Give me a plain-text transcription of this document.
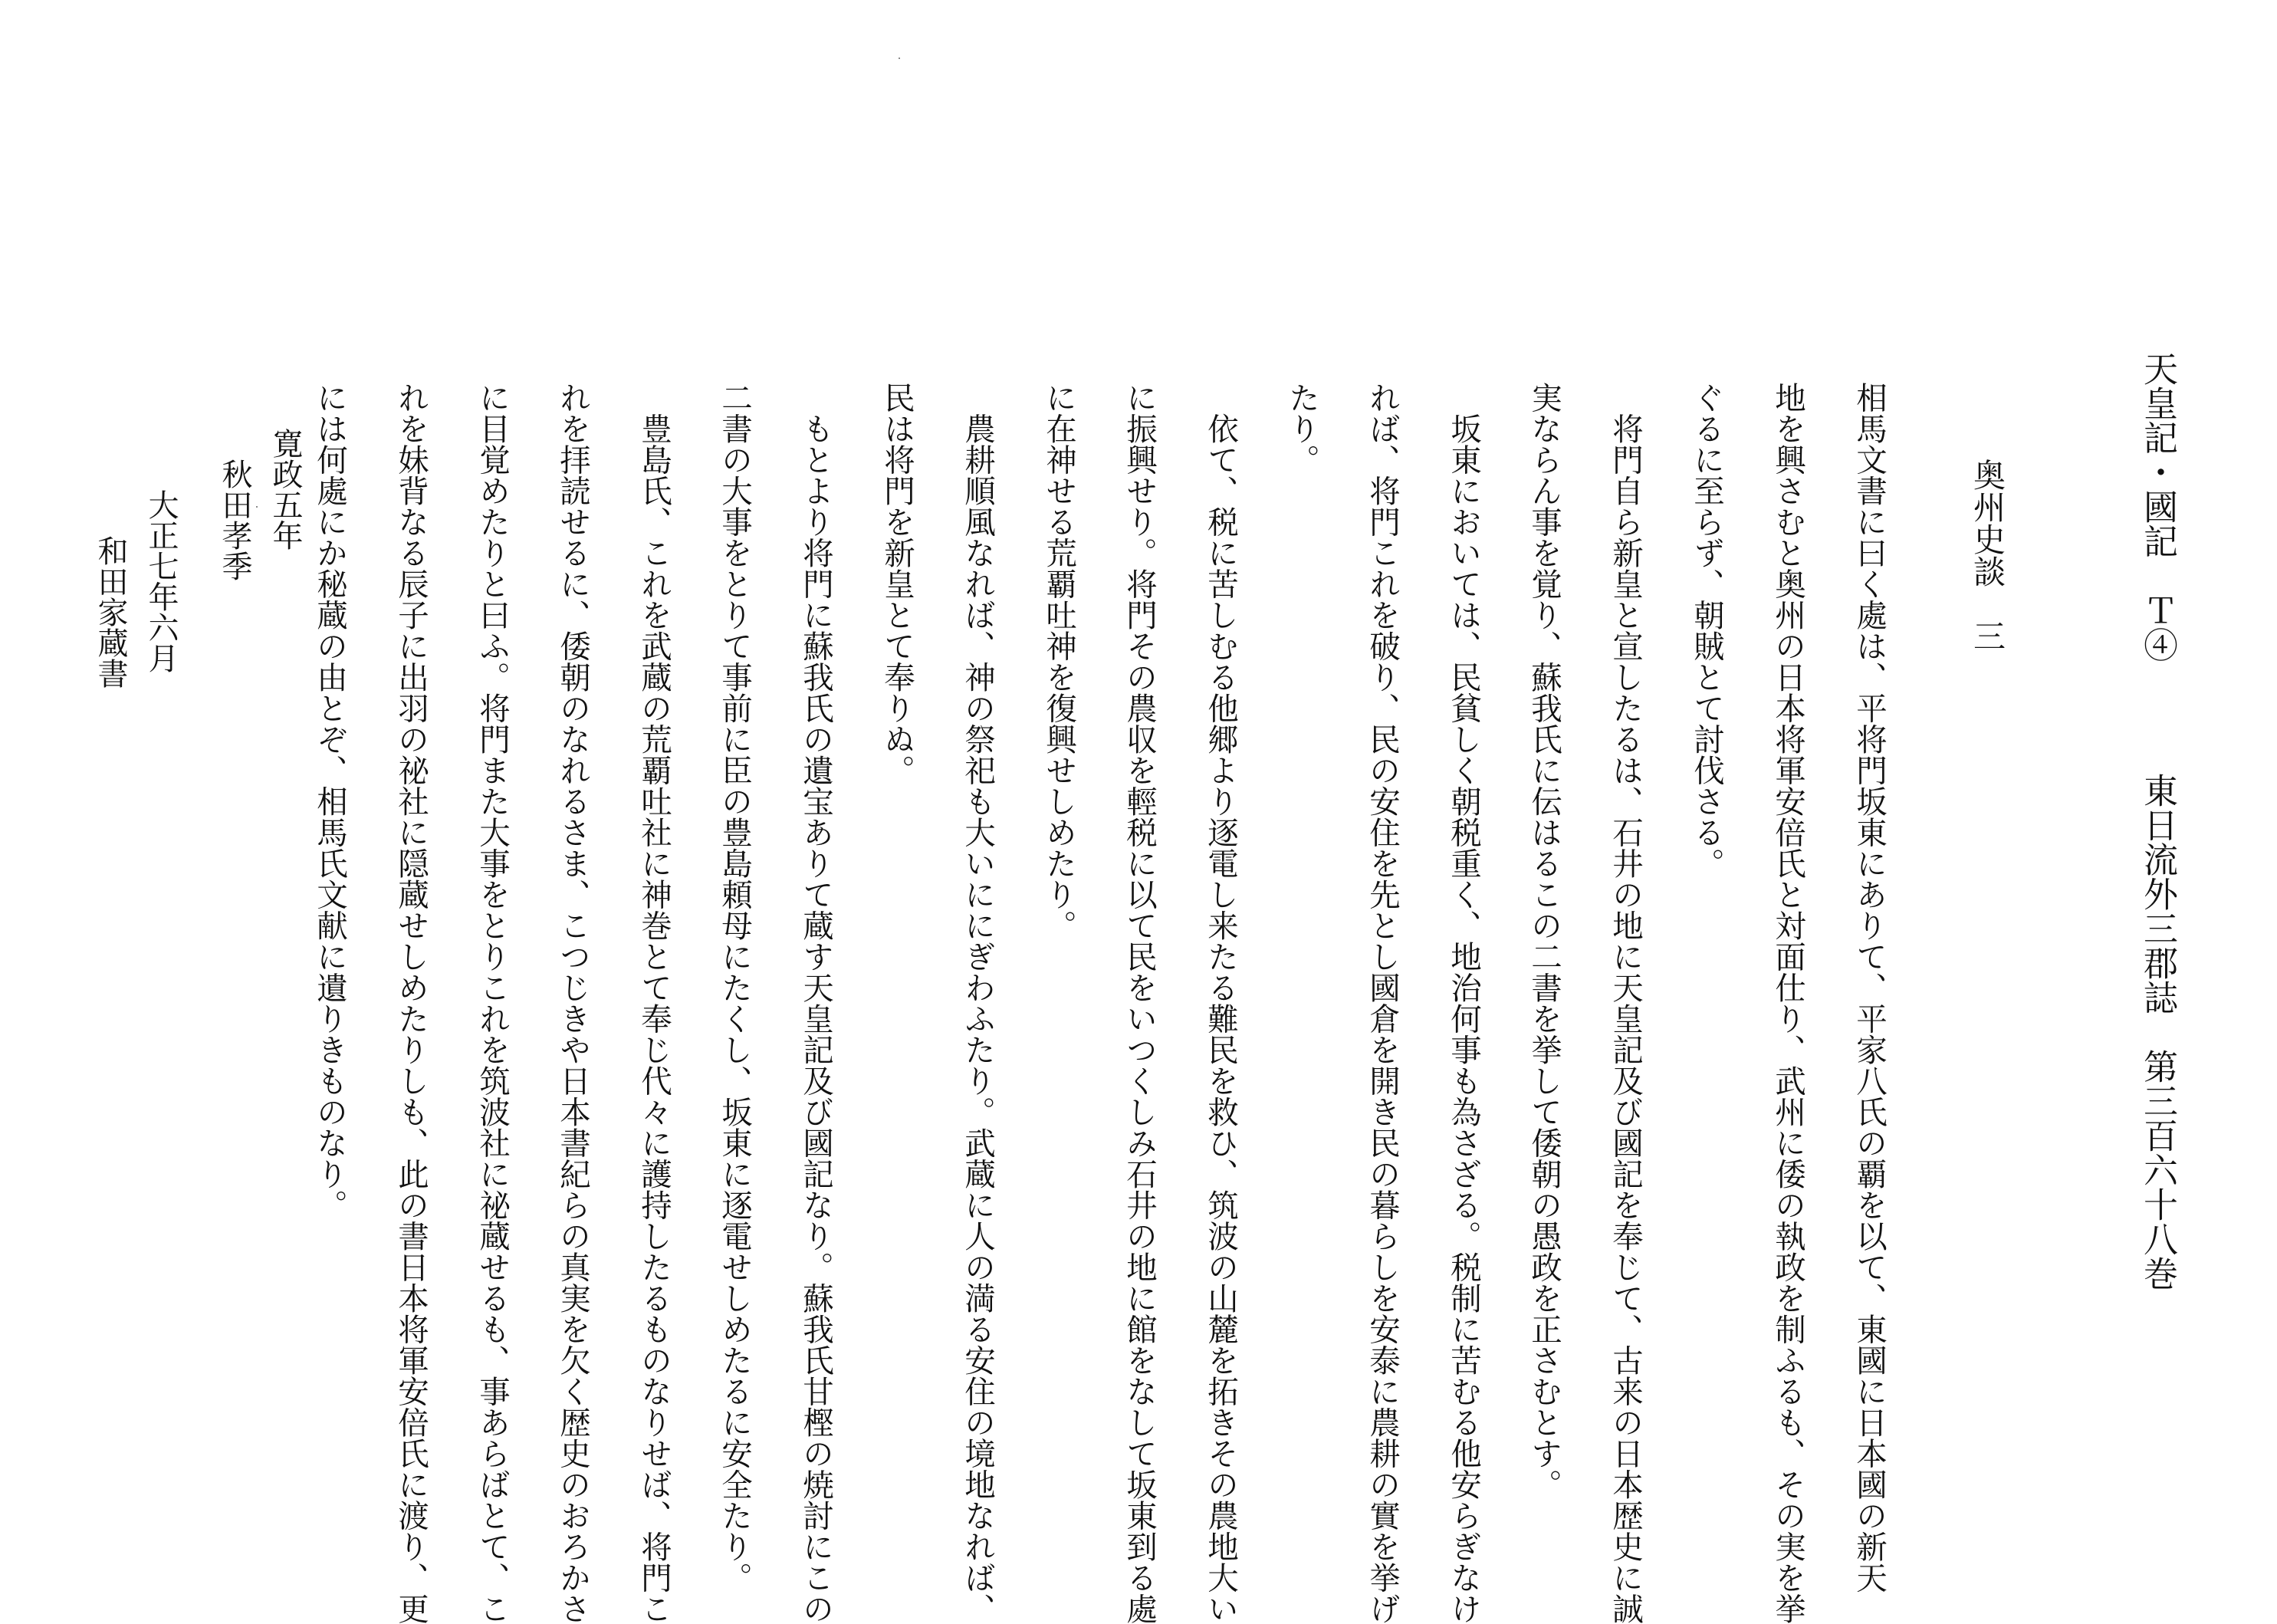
東日流外三郡誌　第三百六十八巻
天皇記・國記　Ｔ④
奥州史談　三
相馬文書に曰く處は、平将門坂東にありて、平家八氏の覇を以て、東國に日本國の新天
地を興さむと奥州の日本将軍安倍氏と対面仕り、武州に倭の執政を制ふるも、その実を挙
ぐるに至らず、朝賊とて討伐さる。
　将門自ら新皇と宣したるは、石井の地に天皇記及び國記を奉じて、古来の日本歴史に誠
実ならん事を覚り、蘇我氏に伝はるこの二書を挙して倭朝の愚政を正さむとす。
　坂東においては、民貧しく朝税重く、地治何事も為さざる。税制に苦むる他安らぎなけ
れば、将門これを破り、民の安住を先とし國倉を開き民の暮らしを安泰に農耕の實を挙げ
たり。
　依て、税に苦しむる他郷より逐電し来たる難民を救ひ、筑波の山麓を拓きその農地大い
に振興せり。将門その農収を輕税に以て民をいつくしみ石井の地に館をなして坂東到る處
に在神せる荒覇吐神を復興せしめたり。
　農耕順風なれば、神の祭祀も大いににぎわふたり。武蔵に人の満る安住の境地なれば、
民は将門を新皇とて奉りぬ。
　もとより将門に蘇我氏の遺宝ありて蔵す天皇記及び國記なり。蘇我氏甘樫の焼討にこの
二書の大事をとりて事前に臣の豊島頼母にたくし、坂東に逐電せしめたるに安全たり。
　豊島氏、これを武蔵の荒覇吐社に神巻とて奉じ代々に護持したるものなりせば、将門こ
れを拝読せるに、倭朝のなれるさま、こつじきや日本書紀らの真実を欠く歴史のおろかさ
に目覚めたりと曰ふ。将門また大事をとりこれを筑波社に祕蔵せるも、事あらばとて、こ
れを妹背なる辰子に出羽の祕社に隠蔵せしめたりしも、此の書日本将軍安倍氏に渡り、更
には何處にか秘蔵の由とぞ、相馬氏文献に遺りきものなり。
寛政五年
秋田孝季
大正七年六月
和田家蔵書
